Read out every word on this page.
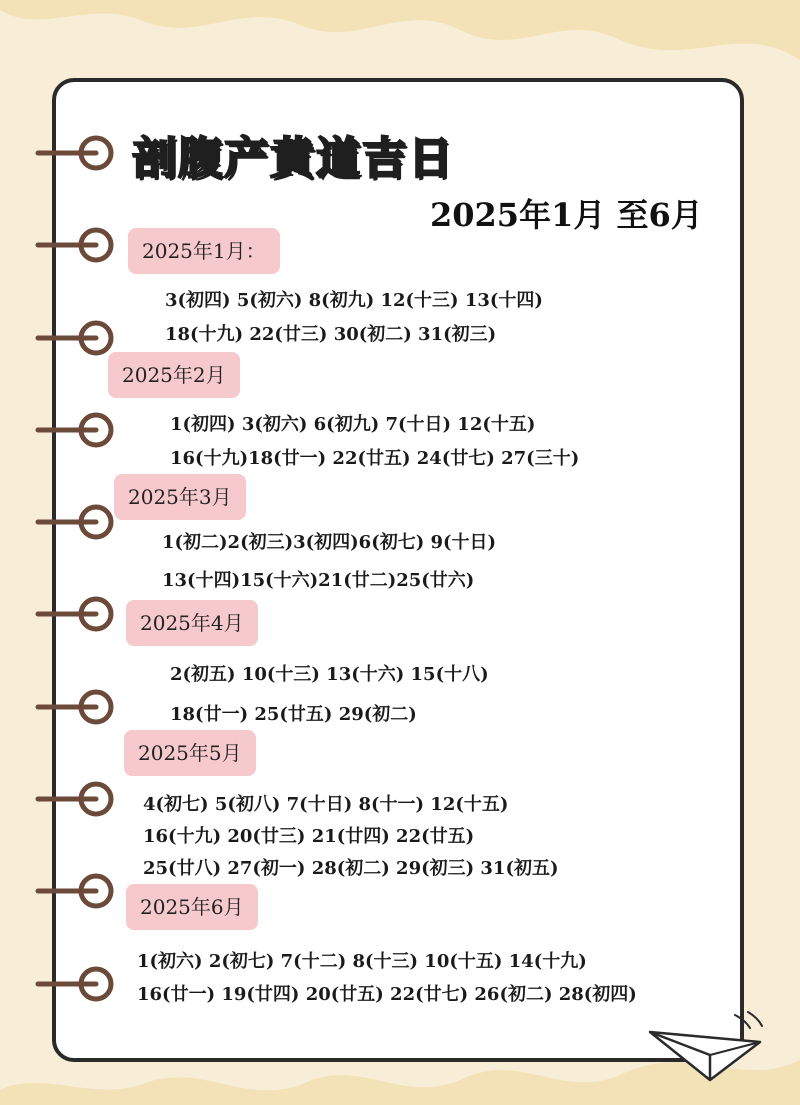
剖腹产黄道吉日
2025年1月 至6月
2025年1月：
3(初四) 5(初六) 8(初九) 12(十三) 13(十四)
18(十九) 22(廿三) 30(初二) 31(初三)
2025年2月
1(初四) 3(初六) 6(初九) 7(十日) 12(十五)
16(十九)18(廿一) 22(廿五) 24(廿七) 27(三十)
2025年3月
1(初二)2(初三)3(初四)6(初七) 9(十日)
13(十四)15(十六)21(廿二)25(廿六)
2025年4月
2(初五) 10(十三) 13(十六) 15(十八)
18(廿一) 25(廿五) 29(初二)
2025年5月
4(初七) 5(初八) 7(十日) 8(十一) 12(十五)
16(十九) 20(廿三) 21(廿四) 22(廿五)
25(廿八) 27(初一) 28(初二) 29(初三) 31(初五)
2025年6月
1(初六) 2(初七) 7(十二) 8(十三) 10(十五) 14(十九)
16(廿一) 19(廿四) 20(廿五) 22(廿七) 26(初二) 28(初四)
